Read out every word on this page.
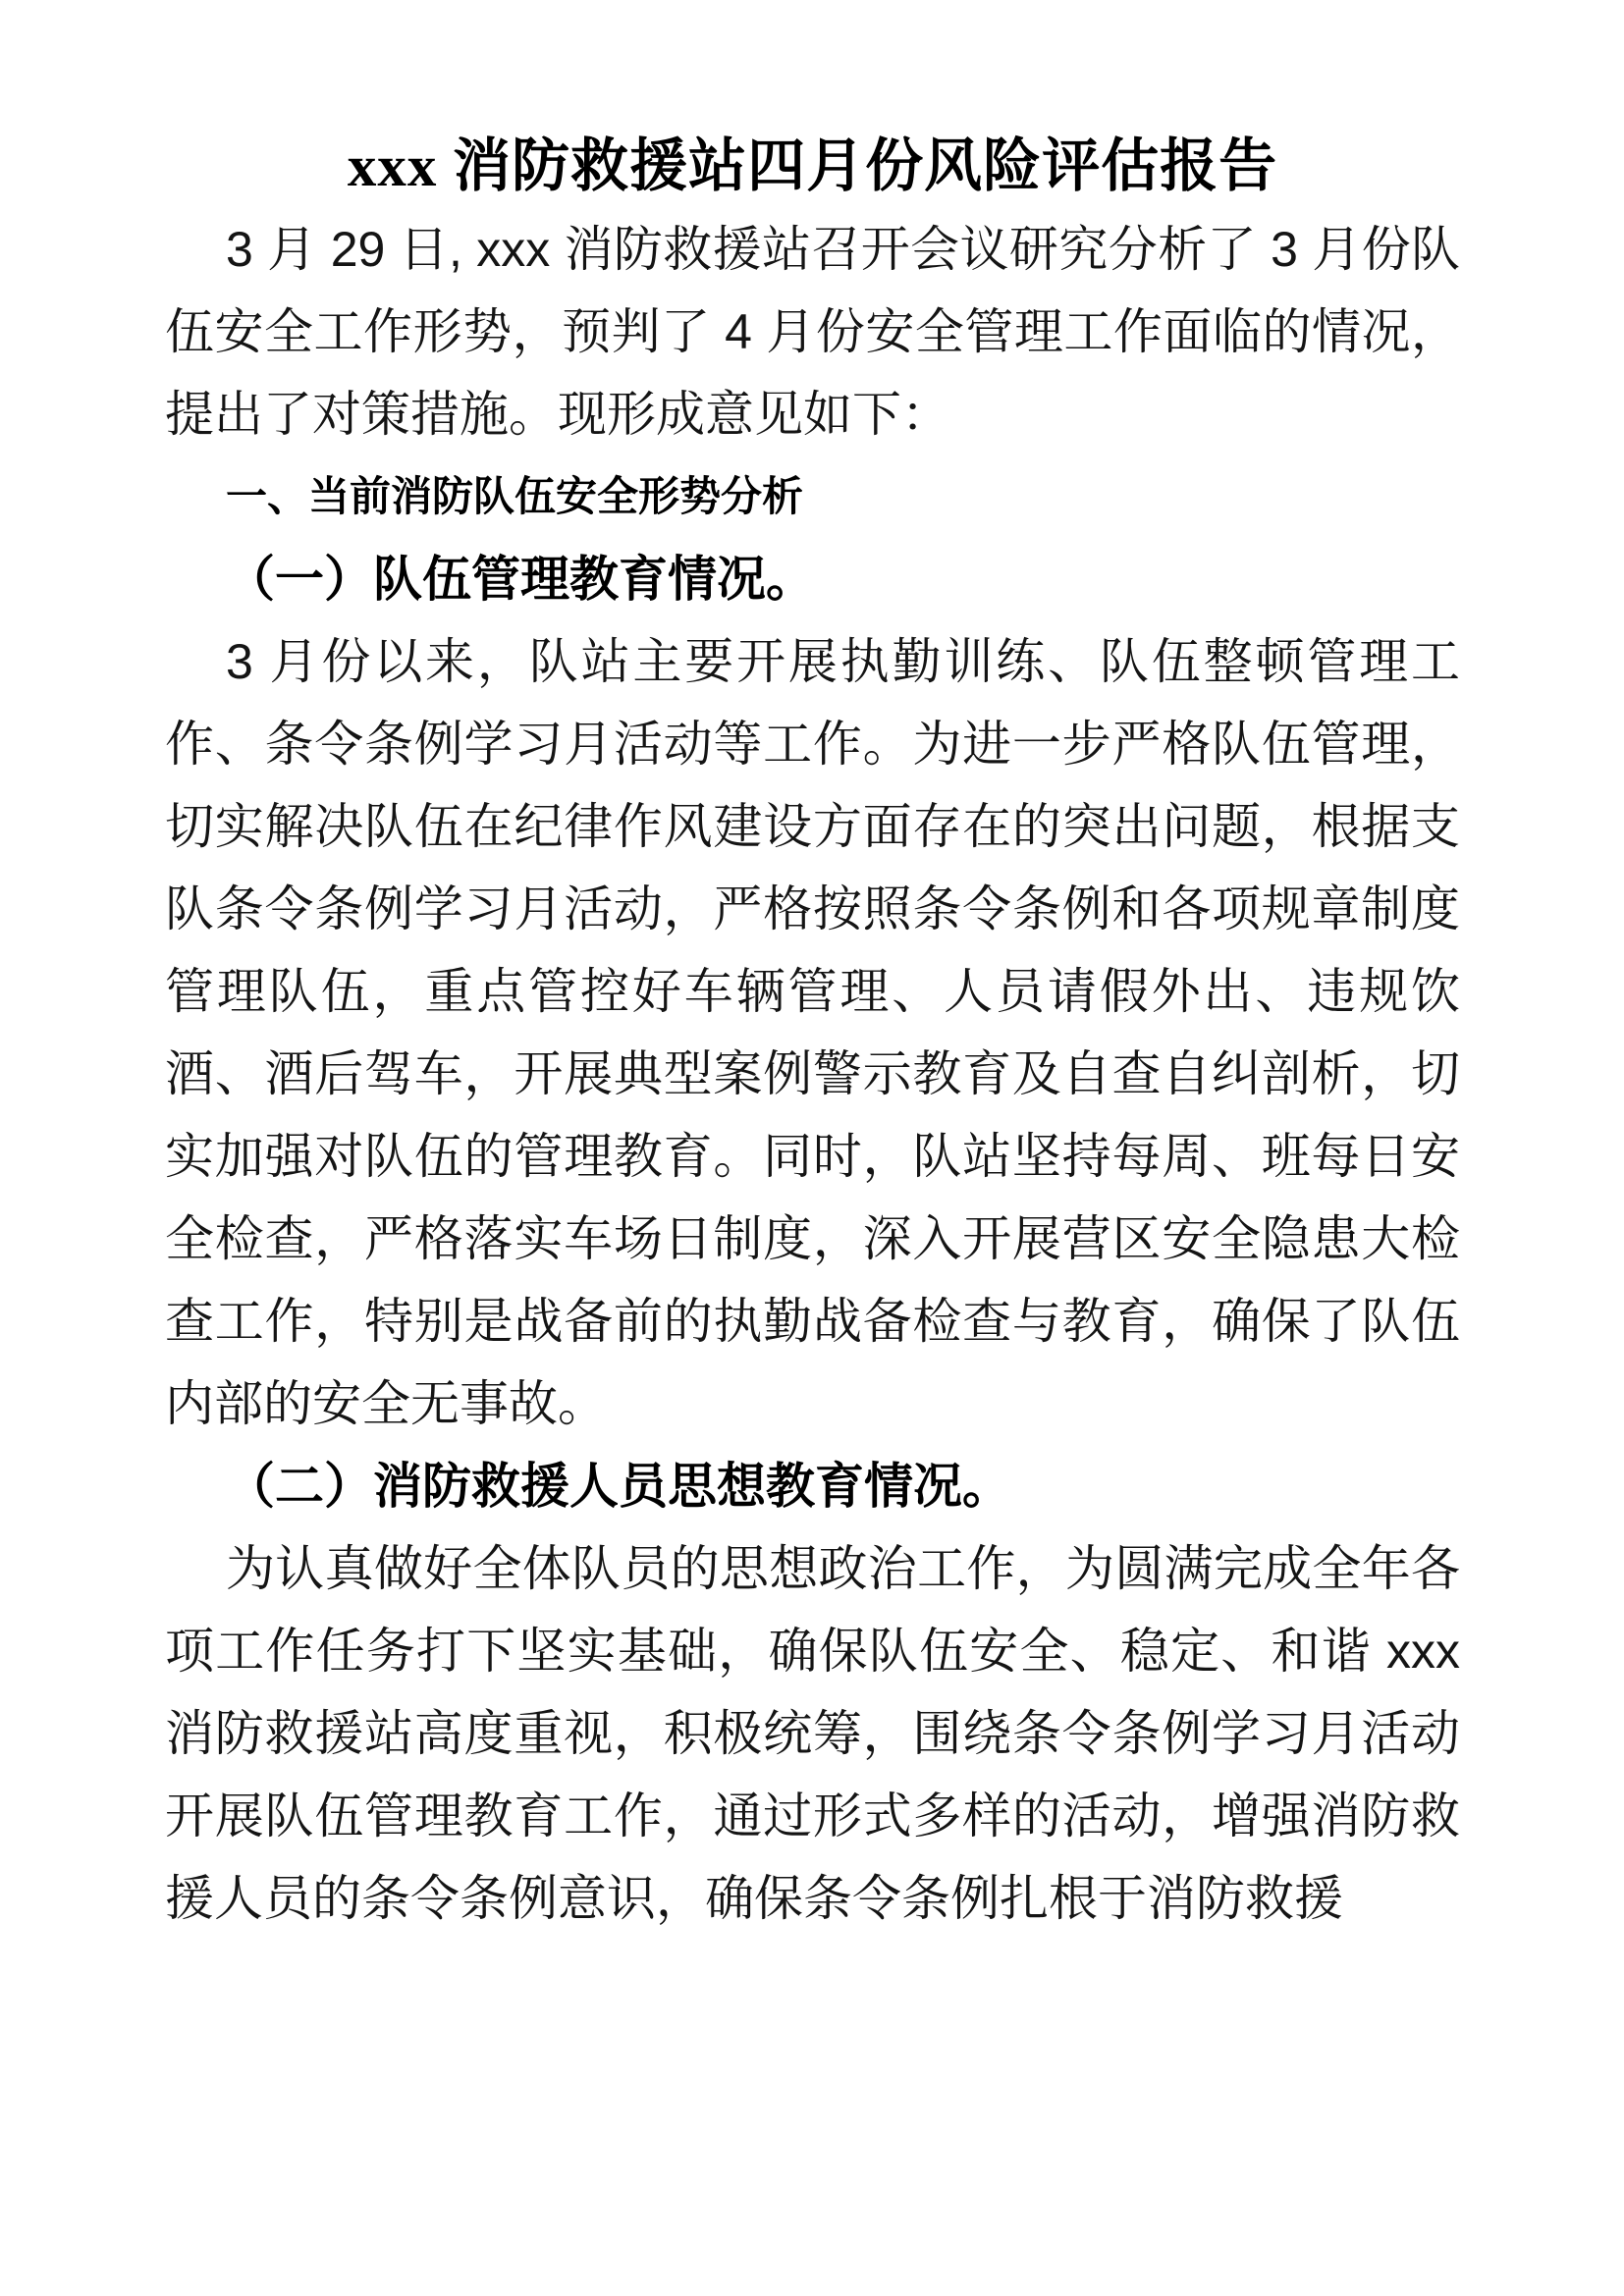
xxx 消防救援站四月份风险评估报告

3 月 29 日, xxx 消防救援站召开会议研究分析了 3 月份队伍安全工作形势，预判了 4 月份安全管理工作面临的情况，提出了对策措施。现形成意见如下：

一、当前消防队伍安全形势分析

（一）队伍管理教育情况。

3 月份以来，队站主要开展执勤训练、队伍整顿管理工作、条令条例学习月活动等工作。为进一步严格队伍管理，切实解决队伍在纪律作风建设方面存在的突出问题，根据支队条令条例学习月活动，严格按照条令条例和各项规章制度管理队伍，重点管控好车辆管理、人员请假外出、违规饮酒、酒后驾车，开展典型案例警示教育及自查自纠剖析，切实加强对队伍的管理教育。同时，队站坚持每周、班每日安全检查，严格落实车场日制度，深入开展营区安全隐患大检查工作，特别是战备前的执勤战备检查与教育，确保了队伍内部的安全无事故。

（二）消防救援人员思想教育情况。

为认真做好全体队员的思想政治工作，为圆满完成全年各项工作任务打下坚实基础，确保队伍安全、稳定、和谐 xxx 消防救援站高度重视，积极统筹，围绕条令条例学习月活动开展队伍管理教育工作，通过形式多样的活动，增强消防救援人员的条令条例意识，确保条令条例扎根于消防救援
